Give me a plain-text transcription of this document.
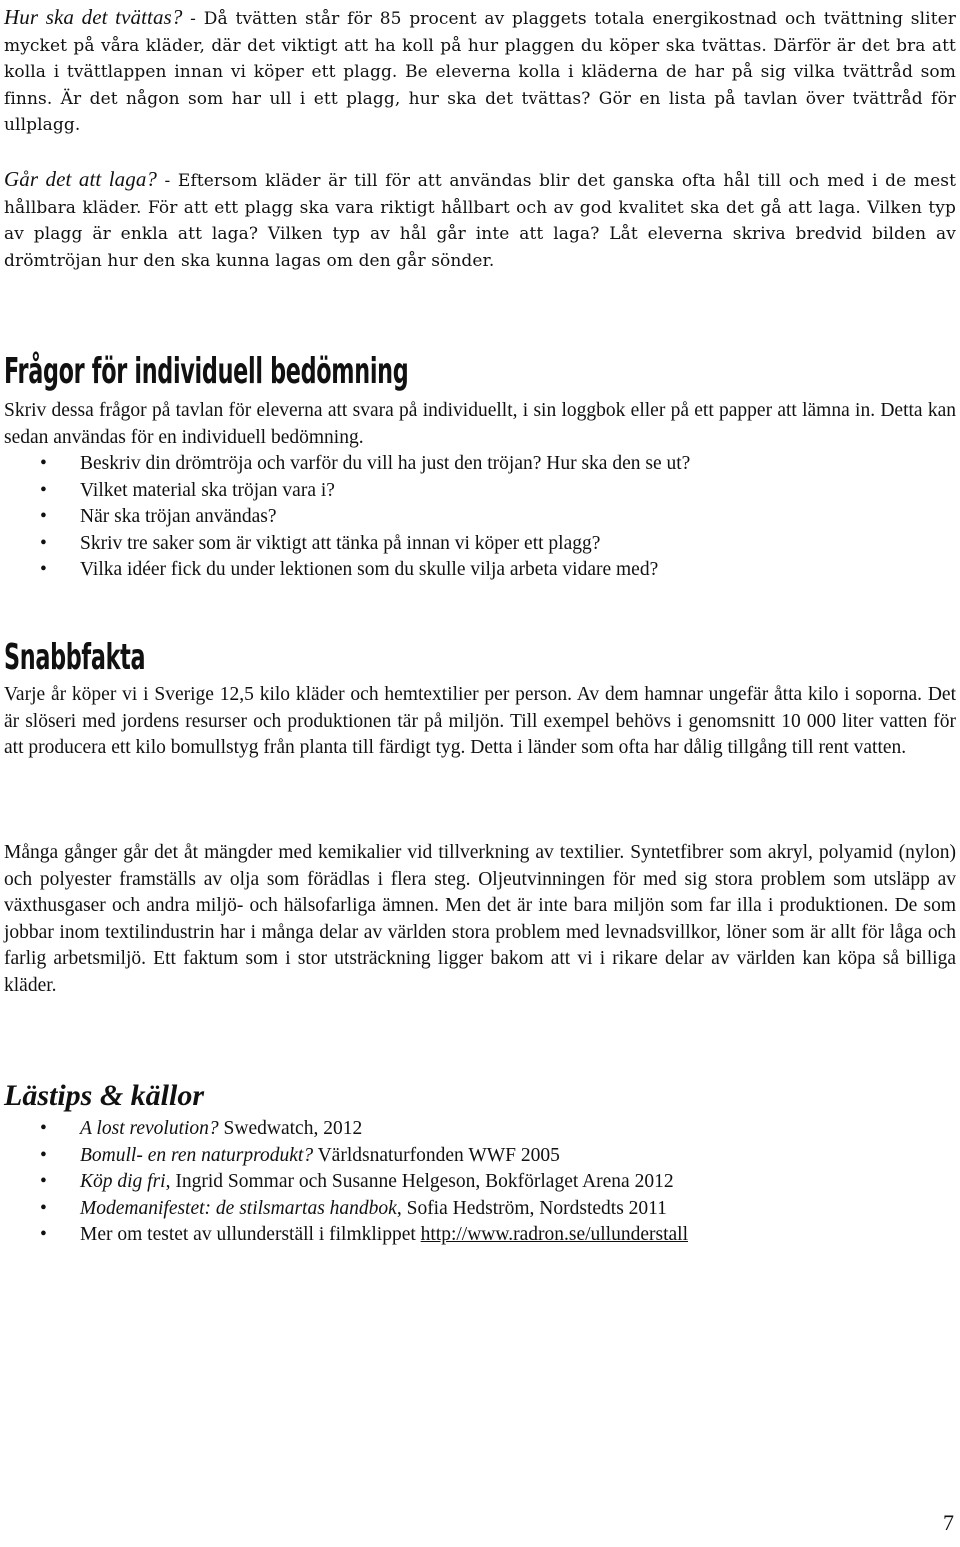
Hur ska det tvättas? - Då tvätten står för 85 procent av plaggets totala energikostnad och tvättning sliter mycket på våra kläder, där det viktigt att ha koll på hur plaggen du köper ska tvättas. Därför är det bra att kolla i tvättlappen innan vi köper ett plagg. Be eleverna kolla i kläderna de har på sig vilka tvättråd som finns. Är det någon som har ull i ett plagg, hur ska det tvättas? Gör en lista på tavlan över tvättråd för ullplagg.

Går det att laga? - Eftersom kläder är till för att användas blir det ganska ofta hål till och med i de mest hållbara kläder. För att ett plagg ska vara riktigt hållbart och av god kvalitet ska det gå att laga. Vilken typ av plagg är enkla att laga? Vilken typ av hål går inte att laga? Låt eleverna skriva bredvid bilden av drömtröjan hur den ska kunna lagas om den går sönder.

Frågor för individuell bedömning

Skriv dessa frågor på tavlan för eleverna att svara på individuellt, i sin loggbok eller på ett papper att lämna in. Detta kan sedan användas för en individuell bedömning.

• Beskriv din drömtröja och varför du vill ha just den tröjan? Hur ska den se ut?
• Vilket material ska tröjan vara i?
• När ska tröjan användas?
• Skriv tre saker som är viktigt att tänka på innan vi köper ett plagg?
• Vilka idéer fick du under lektionen som du skulle vilja arbeta vidare med?
Snabbfakta

Varje år köper vi i Sverige 12,5 kilo kläder och hemtextilier per person. Av dem hamnar ungefär åtta kilo i soporna. Det är slöseri med jordens resurser och produktionen tär på miljön. Till exempel behövs i genomsnitt 10 000 liter vatten för att producera ett kilo bomullstyg från planta till färdigt tyg. Detta i länder som ofta har dålig tillgång till rent vatten.

Många gånger går det åt mängder med kemikalier vid tillverkning av textilier. Syntetfibrer som akryl, polyamid (nylon) och polyester framställs av olja som förädlas i flera steg. Oljeutvinningen för med sig stora problem som utsläpp av växthusgaser och andra miljö- och hälsofarliga ämnen. Men det är inte bara miljön som far illa i produktionen. De som jobbar inom textilindustrin har i många delar av världen stora problem med levnadsvillkor, löner som är allt för låga och farlig arbetsmiljö. Ett faktum som i stor utsträckning ligger bakom att vi i rikare delar av världen kan köpa så billiga kläder.

Lästips & källor
• A lost revolution? Swedwatch, 2012
• Bomull- en ren naturprodukt? Världsnaturfonden WWF 2005
• Köp dig fri, Ingrid Sommar och Susanne Helgeson, Bokförlaget Arena 2012
• Modemanifestet: de stilsmartas handbok, Sofia Hedström, Nordstedts 2011
• Mer om testet av ullunderställ i filmklippet http://www.radron.se/ullunderstall
7
